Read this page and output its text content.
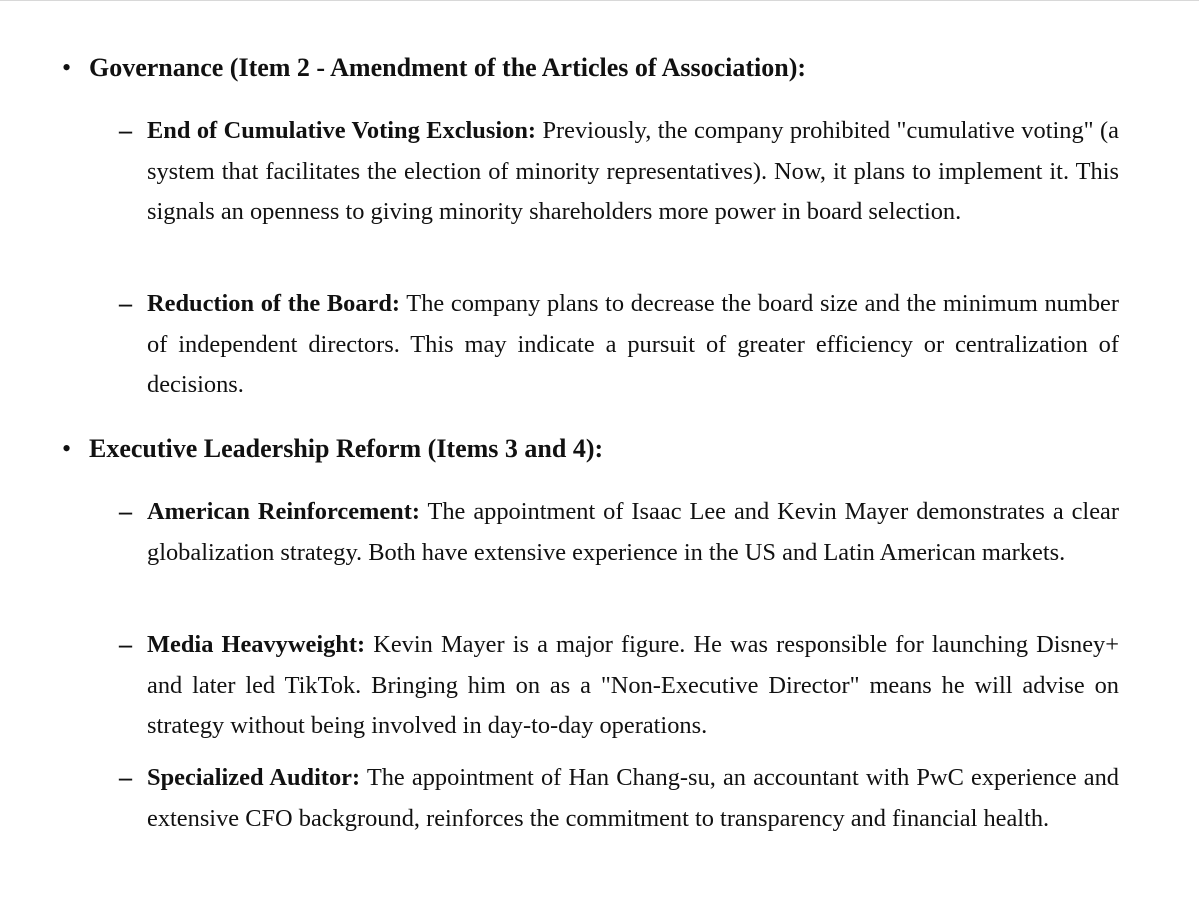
• Governance (Item 2 - Amendment of the Articles of Association):
– End of Cumulative Voting Exclusion: Previously, the company prohibited "cumulative voting" (a system that facilitates the election of minority representatives). Now, it plans to implement it. This signals an openness to giving minority shareholders more power in board selection.
– Reduction of the Board: The company plans to decrease the board size and the minimum number of independent directors. This may indicate a pursuit of greater efficiency or centralization of decisions.
• Executive Leadership Reform (Items 3 and 4):
– American Reinforcement: The appointment of Isaac Lee and Kevin Mayer demonstrates a clear globalization strategy. Both have extensive experience in the US and Latin American markets.
– Media Heavyweight: Kevin Mayer is a major figure. He was responsible for launching Disney+ and later led TikTok. Bringing him on as a "Non-Executive Director" means he will advise on strategy without being involved in day-to-day operations.
– Specialized Auditor: The appointment of Han Chang-su, an accountant with PwC experience and extensive CFO background, reinforces the commitment to transparency and financial health.
